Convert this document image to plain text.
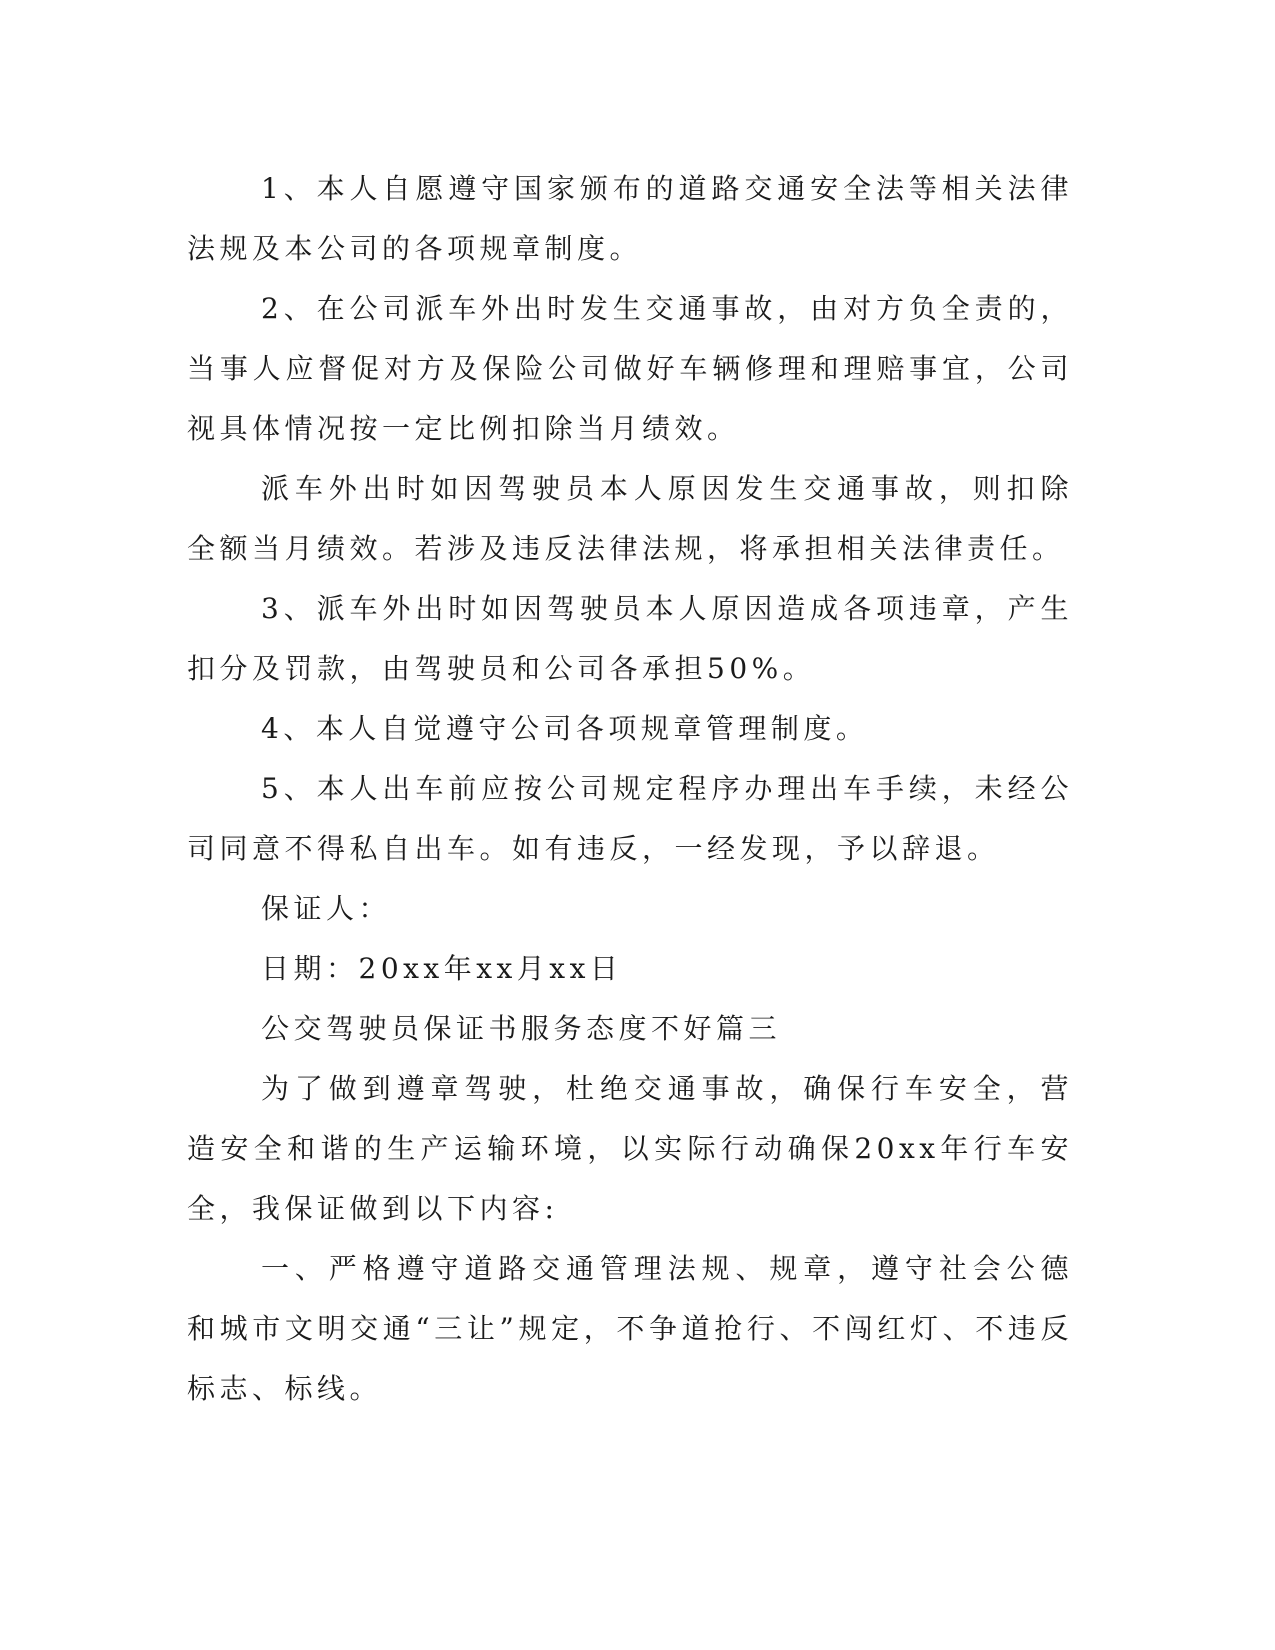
1、本人自愿遵守国家颁布的道路交通安全法等相关法律法规及本公司的各项规章制度。

2、在公司派车外出时发生交通事故，由对方负全责的，当事人应督促对方及保险公司做好车辆修理和理赔事宜，公司视具体情况按一定比例扣除当月绩效。

派车外出时如因驾驶员本人原因发生交通事故，则扣除全额当月绩效。若涉及违反法律法规，将承担相关法律责任。

3、派车外出时如因驾驶员本人原因造成各项违章，产生扣分及罚款，由驾驶员和公司各承担50%。

4、本人自觉遵守公司各项规章管理制度。

5、本人出车前应按公司规定程序办理出车手续，未经公司同意不得私自出车。如有违反，一经发现，予以辞退。

保证人：

日期：20xx年xx月xx日

公交驾驶员保证书服务态度不好篇三

为了做到遵章驾驶，杜绝交通事故，确保行车安全，营造安全和谐的生产运输环境，以实际行动确保20xx年行车安全，我保证做到以下内容:

一、严格遵守道路交通管理法规、规章，遵守社会公德和城市文明交通“三让”规定，不争道抢行、不闯红灯、不违反标志、标线。
